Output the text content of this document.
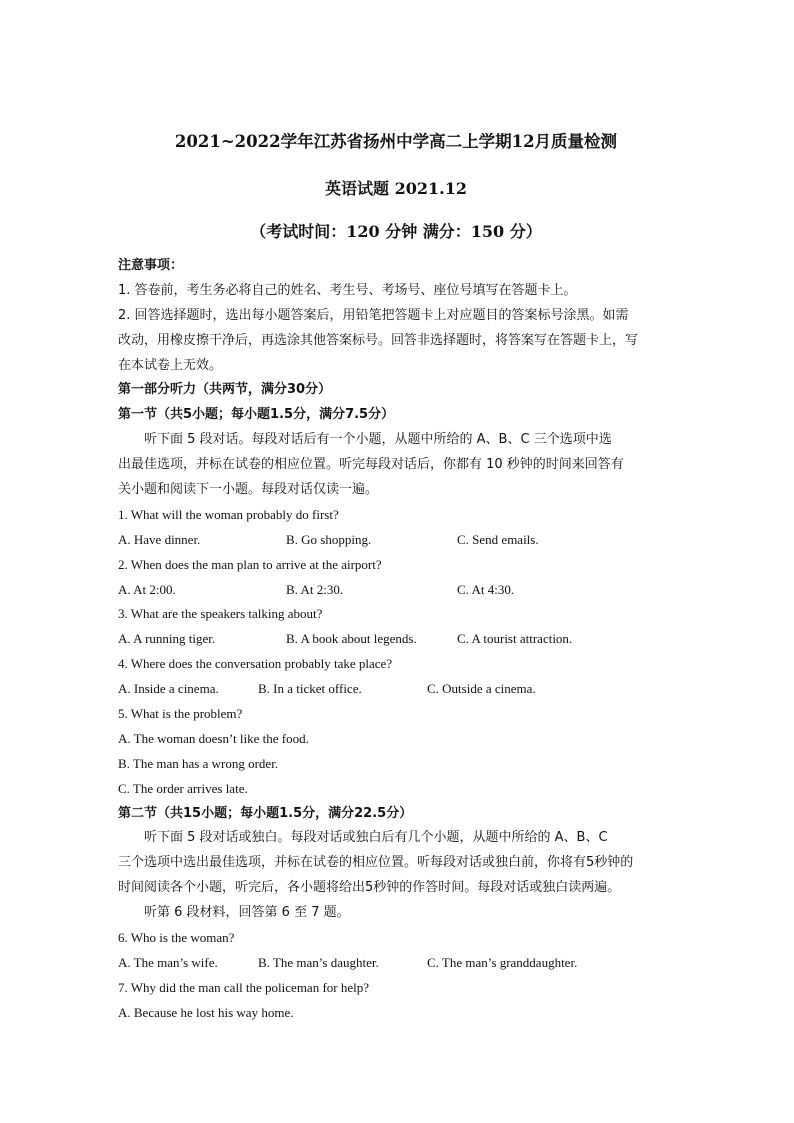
2021~2022学年江苏省扬州中学高二上学期12月质量检测

英语试题 2021.12

（考试时间：120 分钟 满分：150 分）

注意事项：

1. 答卷前，考生务必将自己的姓名、考生号、考场号、座位号填写在答题卡上。

2. 回答选择题时，选出每小题答案后，用铅笔把答题卡上对应题目的答案标号涂黑。如需

改动，用橡皮擦干净后，再选涂其他答案标号。回答非选择题时，将答案写在答题卡上，写

在本试卷上无效。

第一部分听力（共两节，满分30分）

第一节（共5小题；每小题1.5分，满分7.5分）

听下面 5 段对话。每段对话后有一个小题，从题中所给的 A、B、C 三个选项中选

出最佳选项，并标在试卷的相应位置。听完每段对话后，你都有 10 秒钟的时间来回答有

关小题和阅读下一小题。每段对话仅读一遍。

1. What will the woman probably do first?

A. Have dinner.	B. Go shopping.	C. Send emails.

2. When does the man plan to arrive at the airport?

A. At 2:00.	B. At 2:30.	C. At 4:30.

3. What are the speakers talking about?

A. A running tiger.	B. A book about legends.	C. A tourist attraction.

4. Where does the conversation probably take place?

A. Inside a cinema.	B. In a ticket office.	C. Outside a cinema.

5. What is the problem?

A. The woman doesn’t like the food.

B. The man has a wrong order.

C. The order arrives late.

第二节（共15小题；每小题1.5分，满分22.5分）

听下面 5 段对话或独白。每段对话或独白后有几个小题，从题中所给的 A、B、C

三个选项中选出最佳选项，并标在试卷的相应位置。听每段对话或独白前，你将有5秒钟的

时间阅读各个小题，听完后，各小题将给出5秒钟的作答时间。每段对话或独白读两遍。

听第 6 段材料，回答第 6 至 7 题。

6. Who is the woman?

A. The man’s wife.	B. The man’s daughter.	C. The man’s granddaughter.

7. Why did the man call the policeman for help?

A. Because he lost his way home.
